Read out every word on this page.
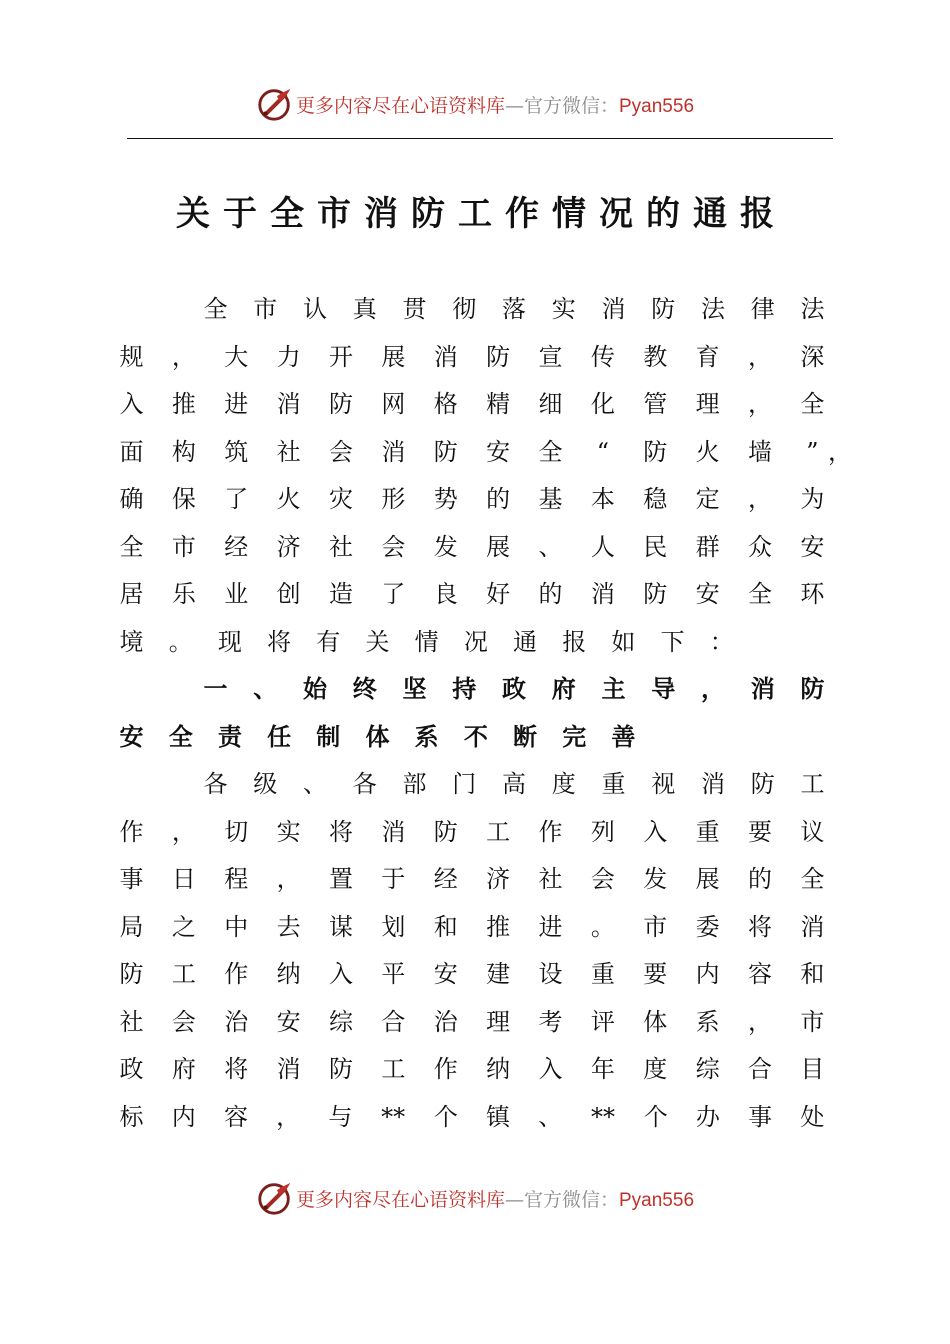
更多内容尽在心语资料库—官方微信：Pyan556
关于全市消防工作情况的通报
全 市 认 真 贯 彻 落 实 消 防 法 律 法
规 ， 大 力 开 展 消 防 宣 传 教 育 ， 深
入 推 进 消 防 网 格 精 细 化 管 理 ， 全
面 构 筑 社 会 消 防 安 全	“	防 火 墙	” ，
确 保 了 火 灾 形 势 的 基 本 稳 定 ， 为
全 市 经 济 社 会 发 展 、 人 民 群 众 安
居 乐 业 创 造 了 良 好 的 消 防 安 全 环
境 。 现 将 有 关 情 况 通 报 如 下 ：
一 、 始 终 坚 持 政 府 主 导 ， 消 防
安 全 责 任 制 体 系 不 断 完 善
各 级 、 各 部 门 高 度 重 视 消 防 工
作 ， 切 实 将 消 防 工 作 列 入 重 要 议
事 日 程 ， 置 于 经 济 社 会 发 展 的 全
局 之 中 去 谋 划 和 推 进 。 市 委 将 消
防 工 作 纳 入 平 安 建 设 重 要 内 容 和
社 会 治 安 综 合 治 理 考 评 体 系 ， 市
政 府 将 消 防 工 作 纳 入 年 度 综 合 目
标 内 容 ， 与 ** 个 镇 、 ** 个 办 事 处
更多内容尽在心语资料库—官方微信：Pyan556
